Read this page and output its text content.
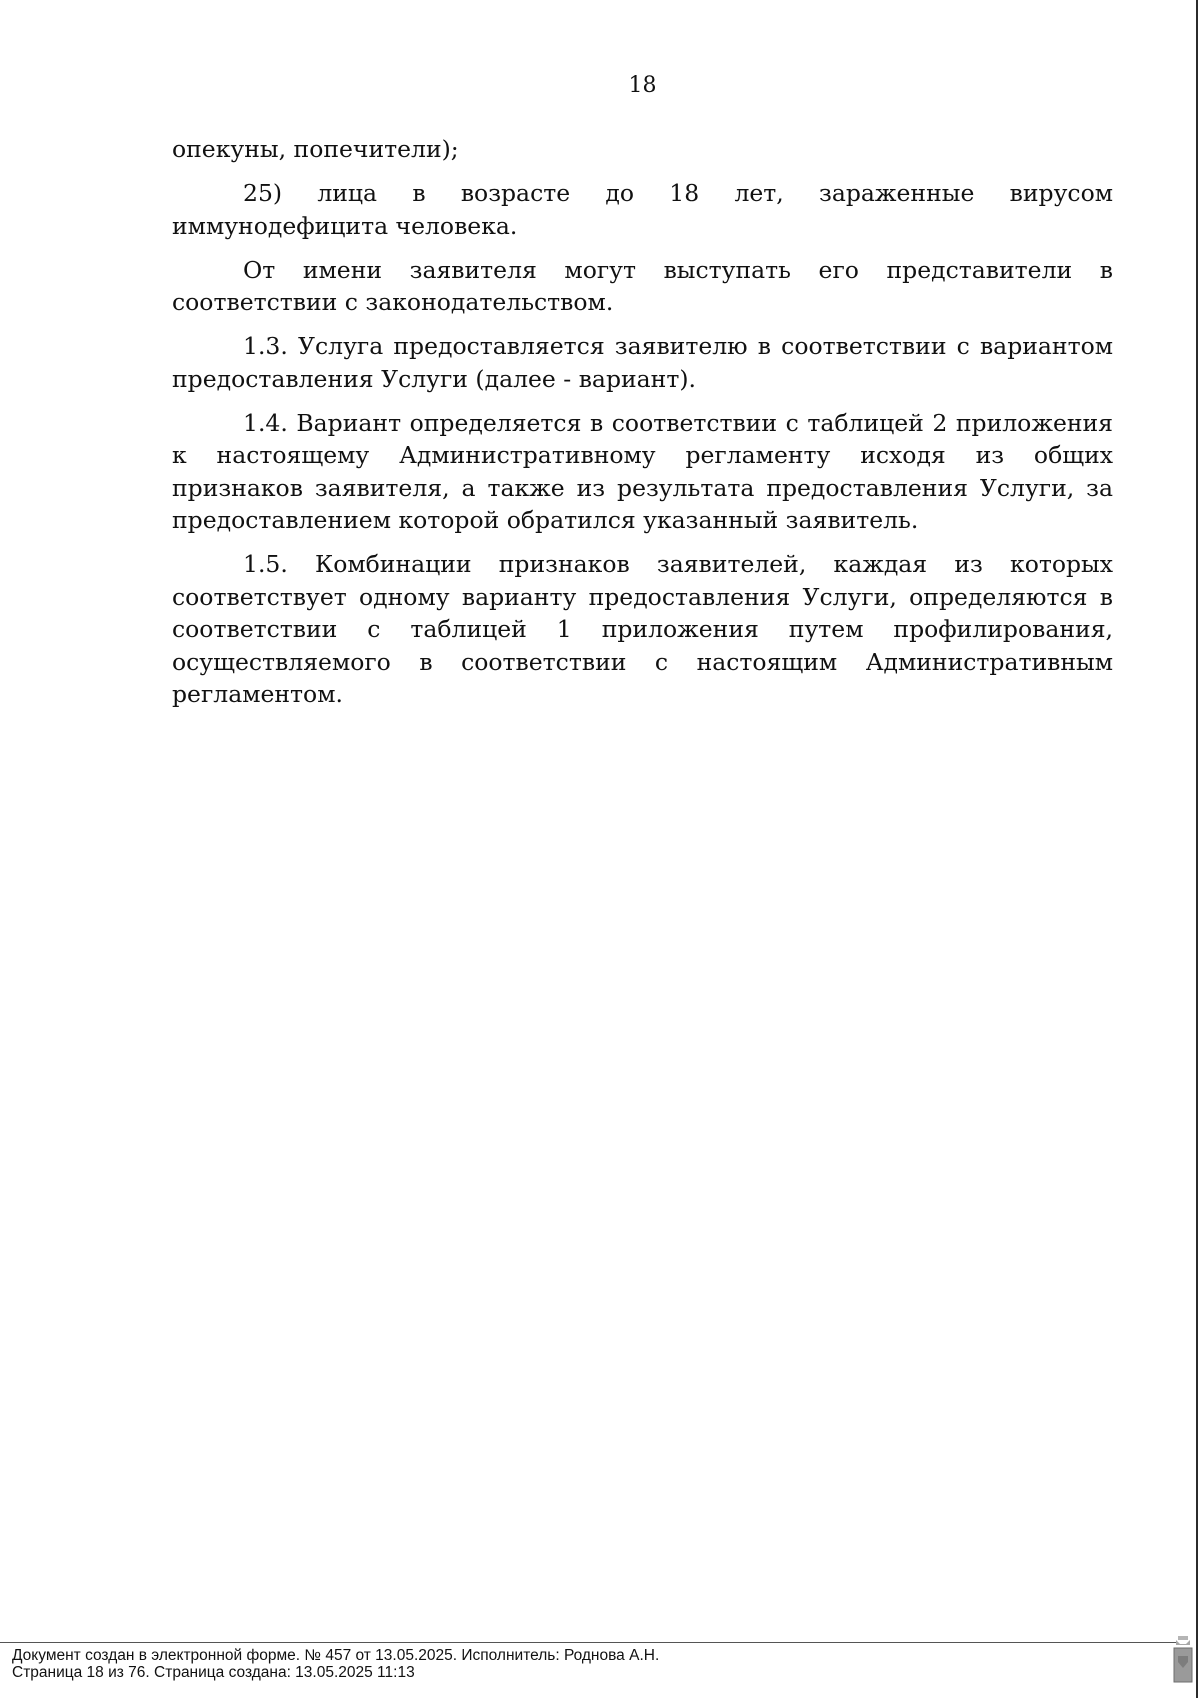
18

опекуны, попечители);

25) лица в возрасте до 18 лет, зараженные вирусом иммунодефицита человека.

От имени заявителя могут выступать его представители в соответствии с законодательством.

1.3. Услуга предоставляется заявителю в соответствии с вариантом предоставления Услуги (далее - вариант).

1.4. Вариант определяется в соответствии с таблицей 2 приложения к настоящему Административному регламенту исходя из общих признаков заявителя, а также из результата предоставления Услуги, за предоставлением которой обратился указанный заявитель.

1.5. Комбинации признаков заявителей, каждая из которых соответствует одному варианту предоставления Услуги, определяются в соответствии с таблицей 1 приложения путем профилирования, осуществляемого в соответствии с настоящим Административным регламентом.

Документ создан в электронной форме. № 457 от 13.05.2025. Исполнитель: Роднова А.Н.
Страница 18 из 76. Страница создана: 13.05.2025 11:13
